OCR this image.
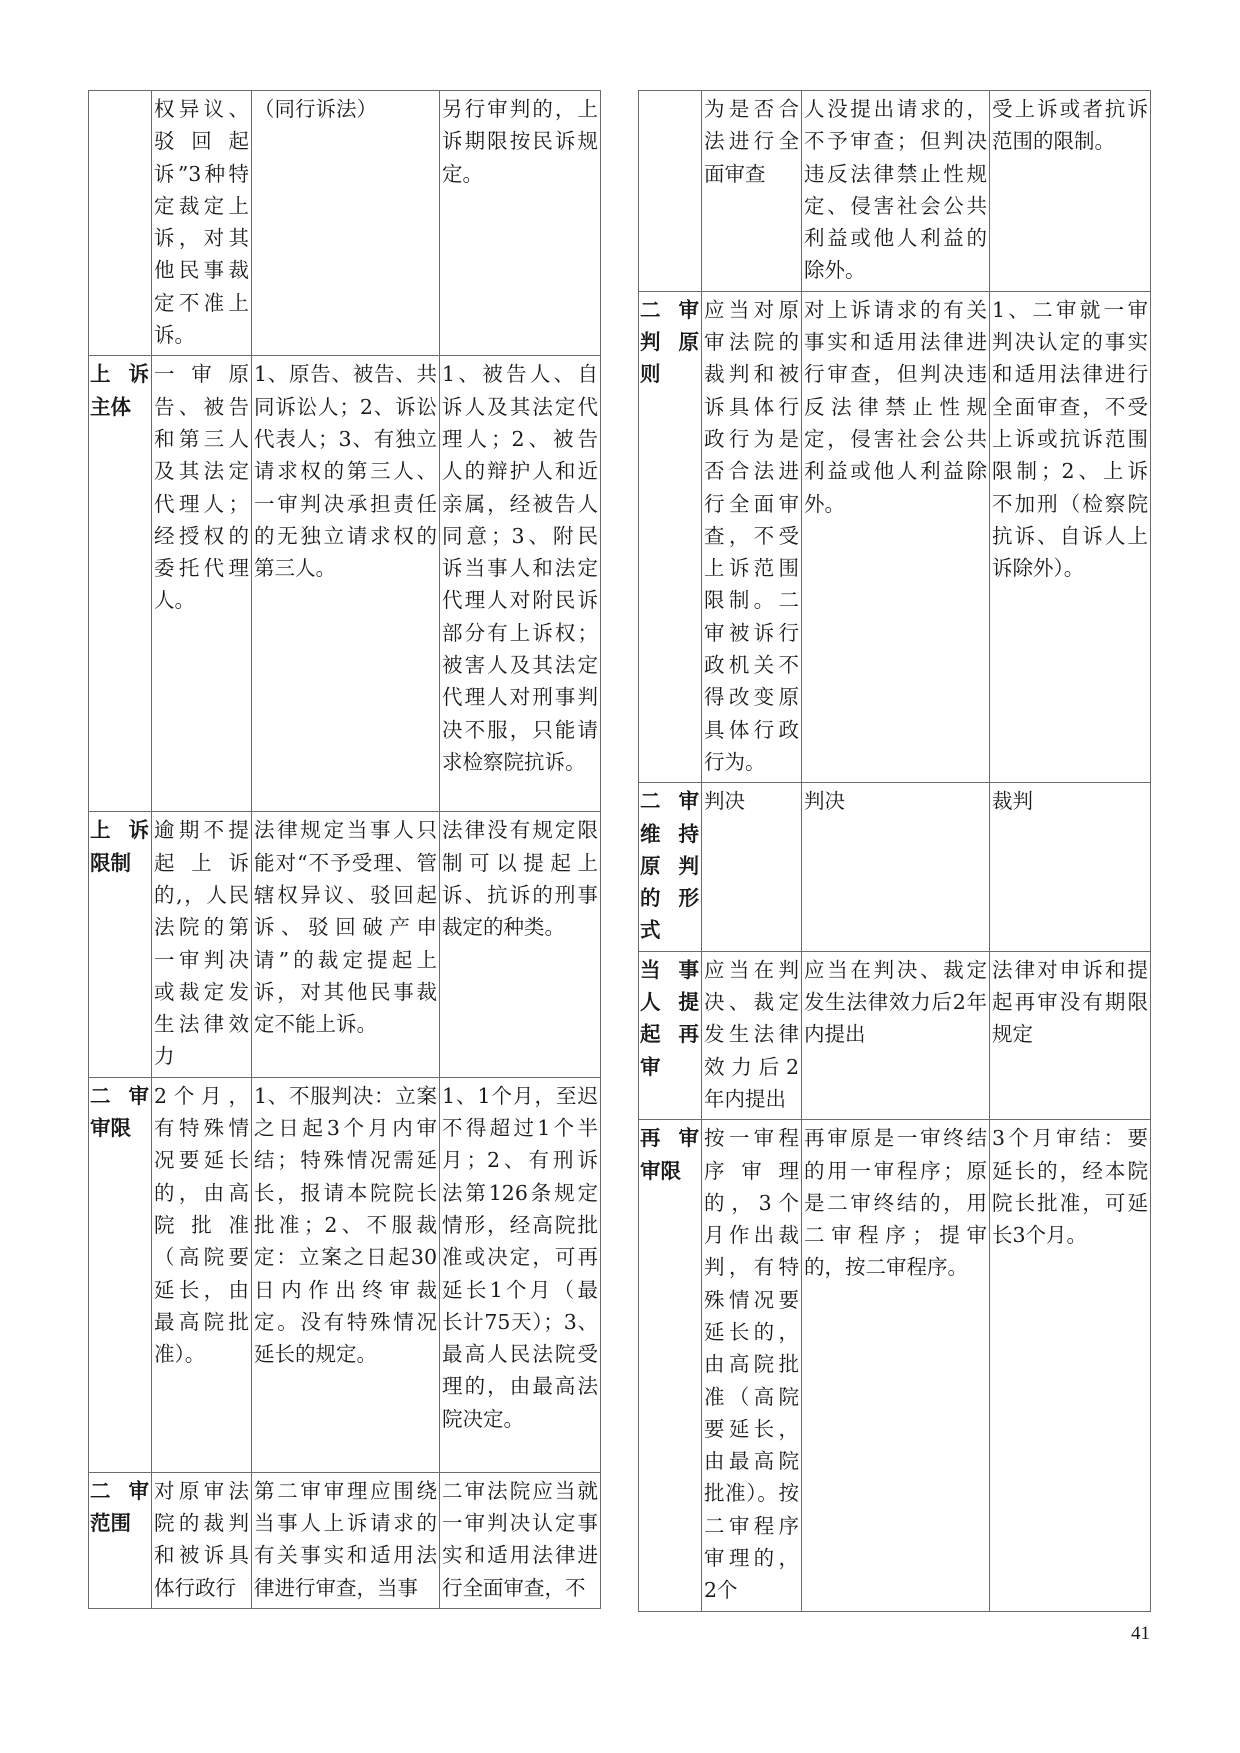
	权异议、驳回起诉”3种特定裁定上诉，对其他民事裁定不准上诉。	（同行诉法）	另行审判的，上诉期限按民诉规定。
上诉主体	一审原告、被告和第三人及其法定代理人；经授权的委托代理人。	1、原告、被告、共同诉讼人；2、诉讼代表人；3、有独立请求权的第三人、一审判决承担责任的无独立请求权的第三人。	1、被告人、自诉人及其法定代理人；2、被告人的辩护人和近亲属，经被告人同意；3、附民诉当事人和法定代理人对附民诉部分有上诉权；被害人及其法定代理人对刑事判决不服，只能请求检察院抗诉。
上诉限制	逾期不提起上诉的,，人民法院的第一审判决或裁定发生法律效力	法律规定当事人只能对“不予受理、管辖权异议、驳回起诉、驳回破产申请”的裁定提起上诉，对其他民事裁定不能上诉。	法律没有规定限制可以提起上诉、抗诉的刑事裁定的种类。
二审审限	2个月，有特殊情况要延长的，由高院批准（高院要延长，由最高院批准）。	1、不服判决：立案之日起3个月内审结；特殊情况需延长，报请本院院长批准；2、不服裁定：立案之日起30日内作出终审裁定。没有特殊情况延长的规定。	1、1个月，至迟不得超过1个半月；2、有刑诉法第126条规定情形，经高院批准或决定，可再延长1个月（最长计75天）；3、最高人民法院受理的，由最高法院决定。
二审范围	对原审法院的裁判和被诉具体行政行	第二审审理应围绕当事人上诉请求的有关事实和适用法律进行审查，当事	二审法院应当就一审判决认定事实和适用法律进行全面审查，不
	为是否合法进行全面审查	人没提出请求的，不予审查；但判决违反法律禁止性规定、侵害社会公共利益或他人利益的除外。	受上诉或者抗诉范围的限制。
二审判原则	应当对原审法院的裁判和被诉具体行政行为是否合法进行全面审查，不受上诉范围限制。二审被诉行政机关不得改变原具体行政行为。	对上诉请求的有关事实和适用法律进行审查，但判决违反法律禁止性规定，侵害社会公共利益或他人利益除外。	1、二审就一审判决认定的事实和适用法律进行全面审查，不受上诉或抗诉范围限制；2、上诉不加刑（检察院抗诉、自诉人上诉除外）。
二审维持原判的形式	判决	判决	裁判
当事人提起再审	应当在判决、裁定发生法律效力后2年内提出	应当在判决、裁定发生法律效力后2年内提出	法律对申诉和提起再审没有期限规定
再审审限	按一审程序审理的，3个月作出裁判，有特殊情况要延长的，由高院批准（高院要延长，由最高院批准）。按二审程序审理的，2个	再审原是一审终结的用一审程序；原是二审终结的，用二审程序；提审的，按二审程序。	3个月审结：要延长的，经本院院长批准，可延长3个月。
41
